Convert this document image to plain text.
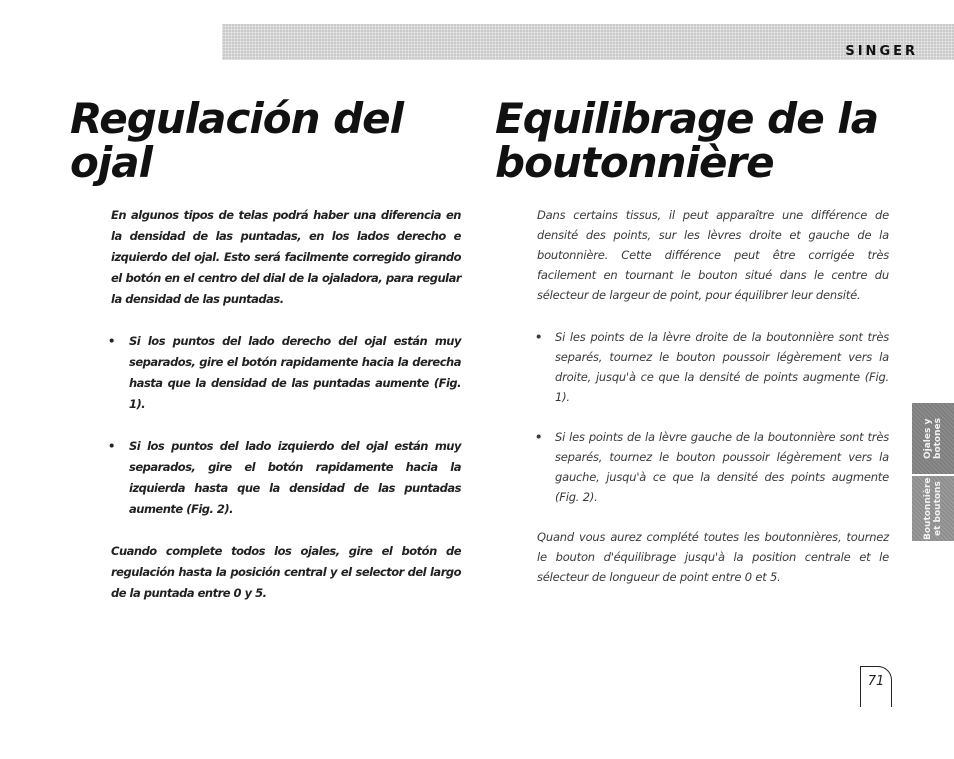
SINGER
Regulación del ojal
Equilibrage de la boutonnière

En algunos tipos de telas podrá haber una diferencia en la densidad de las puntadas, en los lados derecho e izquierdo del ojal. Esto será facilmente corregido girando el botón en el centro del dial de la ojaladora, para regular la densidad de las puntadas.

• Si los puntos del lado derecho del ojal están muy separados, gire el botón rapidamente hacia la derecha hasta que la densidad de las puntadas aumente (Fig. 1).

• Si los puntos del lado izquierdo del ojal están muy separados, gire el botón rapidamente hacia la izquierda hasta que la densidad de las puntadas aumente (Fig. 2).

Cuando complete todos los ojales, gire el botón de regulación hasta la posición central y el selector del largo de la puntada entre 0 y 5.

Dans certains tissus, il peut apparaître une différence de densité des points, sur les lèvres droite et gauche de la boutonnière. Cette différence peut être corrigée très facilement en tournant le bouton situé dans le centre du sélecteur de largeur de point, pour équilibrer leur densité.

• Si les points de la lèvre droite de la boutonnière sont très separés, tournez le bouton poussoir légèrement vers la droite, jusqu'à ce que la densité de points augmente (Fig. 1).

• Si les points de la lèvre gauche de la boutonnière sont très separés, tournez le bouton poussoir légèrement vers la gauche, jusqu'à ce que la densité des points augmente (Fig. 2).

Quand vous aurez complété toutes les boutonnières, tournez le bouton d'équilibrage jusqu'à la position centrale et le sélecteur de longueur de point entre 0 et 5.

Ojales y botones
Boutonnière et boutons
71
